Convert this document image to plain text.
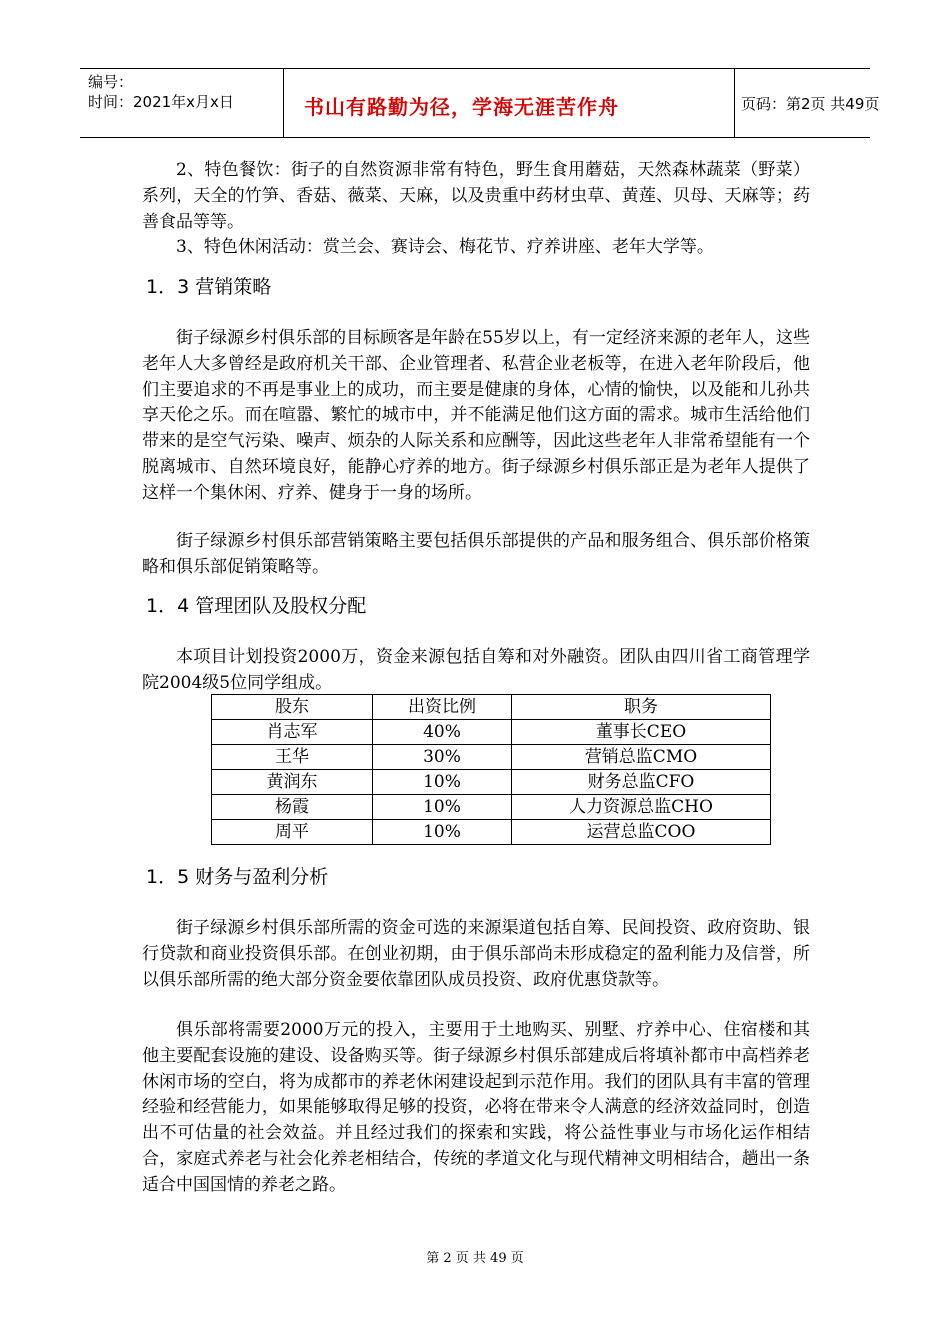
编号：
时间：2021年x月x日	书山有路勤为径，学海无涯苦作舟	页码：第2页 共49页

2、特色餐饮：街子的自然资源非常有特色，野生食用蘑菇，天然森林蔬菜（野菜）系列，天全的竹笋、香菇、薇菜、天麻，以及贵重中药材虫草、黄莲、贝母、天麻等；药善食品等等。

3、特色休闲活动：赏兰会、赛诗会、梅花节、疗养讲座、老年大学等。

1．3 营销策略

街子绿源乡村俱乐部的目标顾客是年龄在55岁以上，有一定经济来源的老年人，这些老年人大多曾经是政府机关干部、企业管理者、私营企业老板等，在进入老年阶段后，他们主要追求的不再是事业上的成功，而主要是健康的身体，心情的愉快，以及能和儿孙共享天伦之乐。而在喧嚣、繁忙的城市中，并不能满足他们这方面的需求。城市生活给他们带来的是空气污染、噪声、烦杂的人际关系和应酬等，因此这些老年人非常希望能有一个脱离城市、自然环境良好，能静心疗养的地方。街子绿源乡村俱乐部正是为老年人提供了这样一个集休闲、疗养、健身于一身的场所。

街子绿源乡村俱乐部营销策略主要包括俱乐部提供的产品和服务组合、俱乐部价格策略和俱乐部促销策略等。

1．4 管理团队及股权分配

本项目计划投资2000万，资金来源包括自筹和对外融资。团队由四川省工商管理学院2004级5位同学组成。

股东	出资比例	职务
肖志军	40%	董事长CEO
王华	30%	营销总监CMO
黄润东	10%	财务总监CFO
杨霞	10%	人力资源总监CHO
周平	10%	运营总监COO
1．5 财务与盈利分析

街子绿源乡村俱乐部所需的资金可选的来源渠道包括自筹、民间投资、政府资助、银行贷款和商业投资俱乐部。在创业初期，由于俱乐部尚未形成稳定的盈利能力及信誉，所以俱乐部所需的绝大部分资金要依靠团队成员投资、政府优惠贷款等。

俱乐部将需要2000万元的投入，主要用于土地购买、别墅、疗养中心、住宿楼和其他主要配套设施的建设、设备购买等。街子绿源乡村俱乐部建成后将填补都市中高档养老休闲市场的空白，将为成都市的养老休闲建设起到示范作用。我们的团队具有丰富的管理经验和经营能力，如果能够取得足够的投资，必将在带来令人满意的经济效益同时，创造出不可估量的社会效益。并且经过我们的探索和实践，将公益性事业与市场化运作相结合，家庭式养老与社会化养老相结合，传统的孝道文化与现代精神文明相结合，趟出一条适合中国国情的养老之路。

第 2 页 共 49 页
